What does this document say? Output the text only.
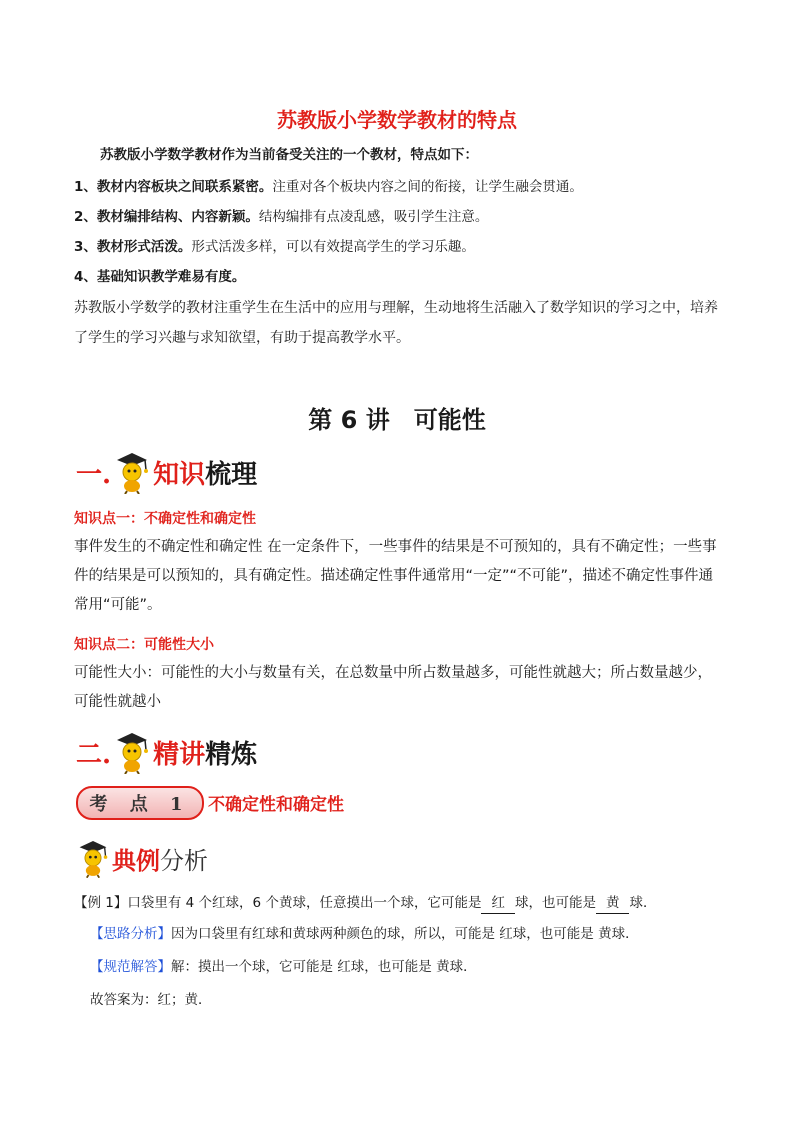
苏教版小学数学教材的特点
苏教版小学数学教材作为当前备受关注的一个教材，特点如下：
1、教材内容板块之间联系紧密。注重对各个板块内容之间的衔接，让学生融会贯通。
2、教材编排结构、内容新颖。结构编排有点凌乱感，吸引学生注意。
3、教材形式活泼。形式活泼多样，可以有效提高学生的学习乐趣。
4、基础知识教学难易有度。
苏教版小学数学的教材注重学生在生活中的应用与理解，生动地将生活融入了数学知识的学习之中，培养了学生的学习兴趣与求知欲望，有助于提高教学水平。
第 6 讲　可能性
一. 知识 梳理
知识点一：不确定性和确定性
事件发生的不确定性和确定性 在一定条件下，一些事件的结果是不可预知的，具有不确定性；一些事件的结果是可以预知的，具有确定性。描述确定性事件通常用“一定”“不可能”，描述不确定性事件通常用“可能”。
知识点二：可能性大小
可能性大小：可能性的大小与数量有关，在总数量中所占数量越多，可能性就越大；所占数量越少，可能性就越小
二. 精讲 精炼
考 点 1	不确定性和确定性
典例 分析
【例 1】口袋里有 4 个红球，6 个黄球，任意摸出一个球，它可能是 红 球，也可能是 黄 球．
【思路分析】因为口袋里有红球和黄球两种颜色的球，所以，可能是 红球，也可能是 黄球．
【规范解答】解：摸出一个球，它可能是 红球，也可能是 黄球．
故答案为：红；黄．
